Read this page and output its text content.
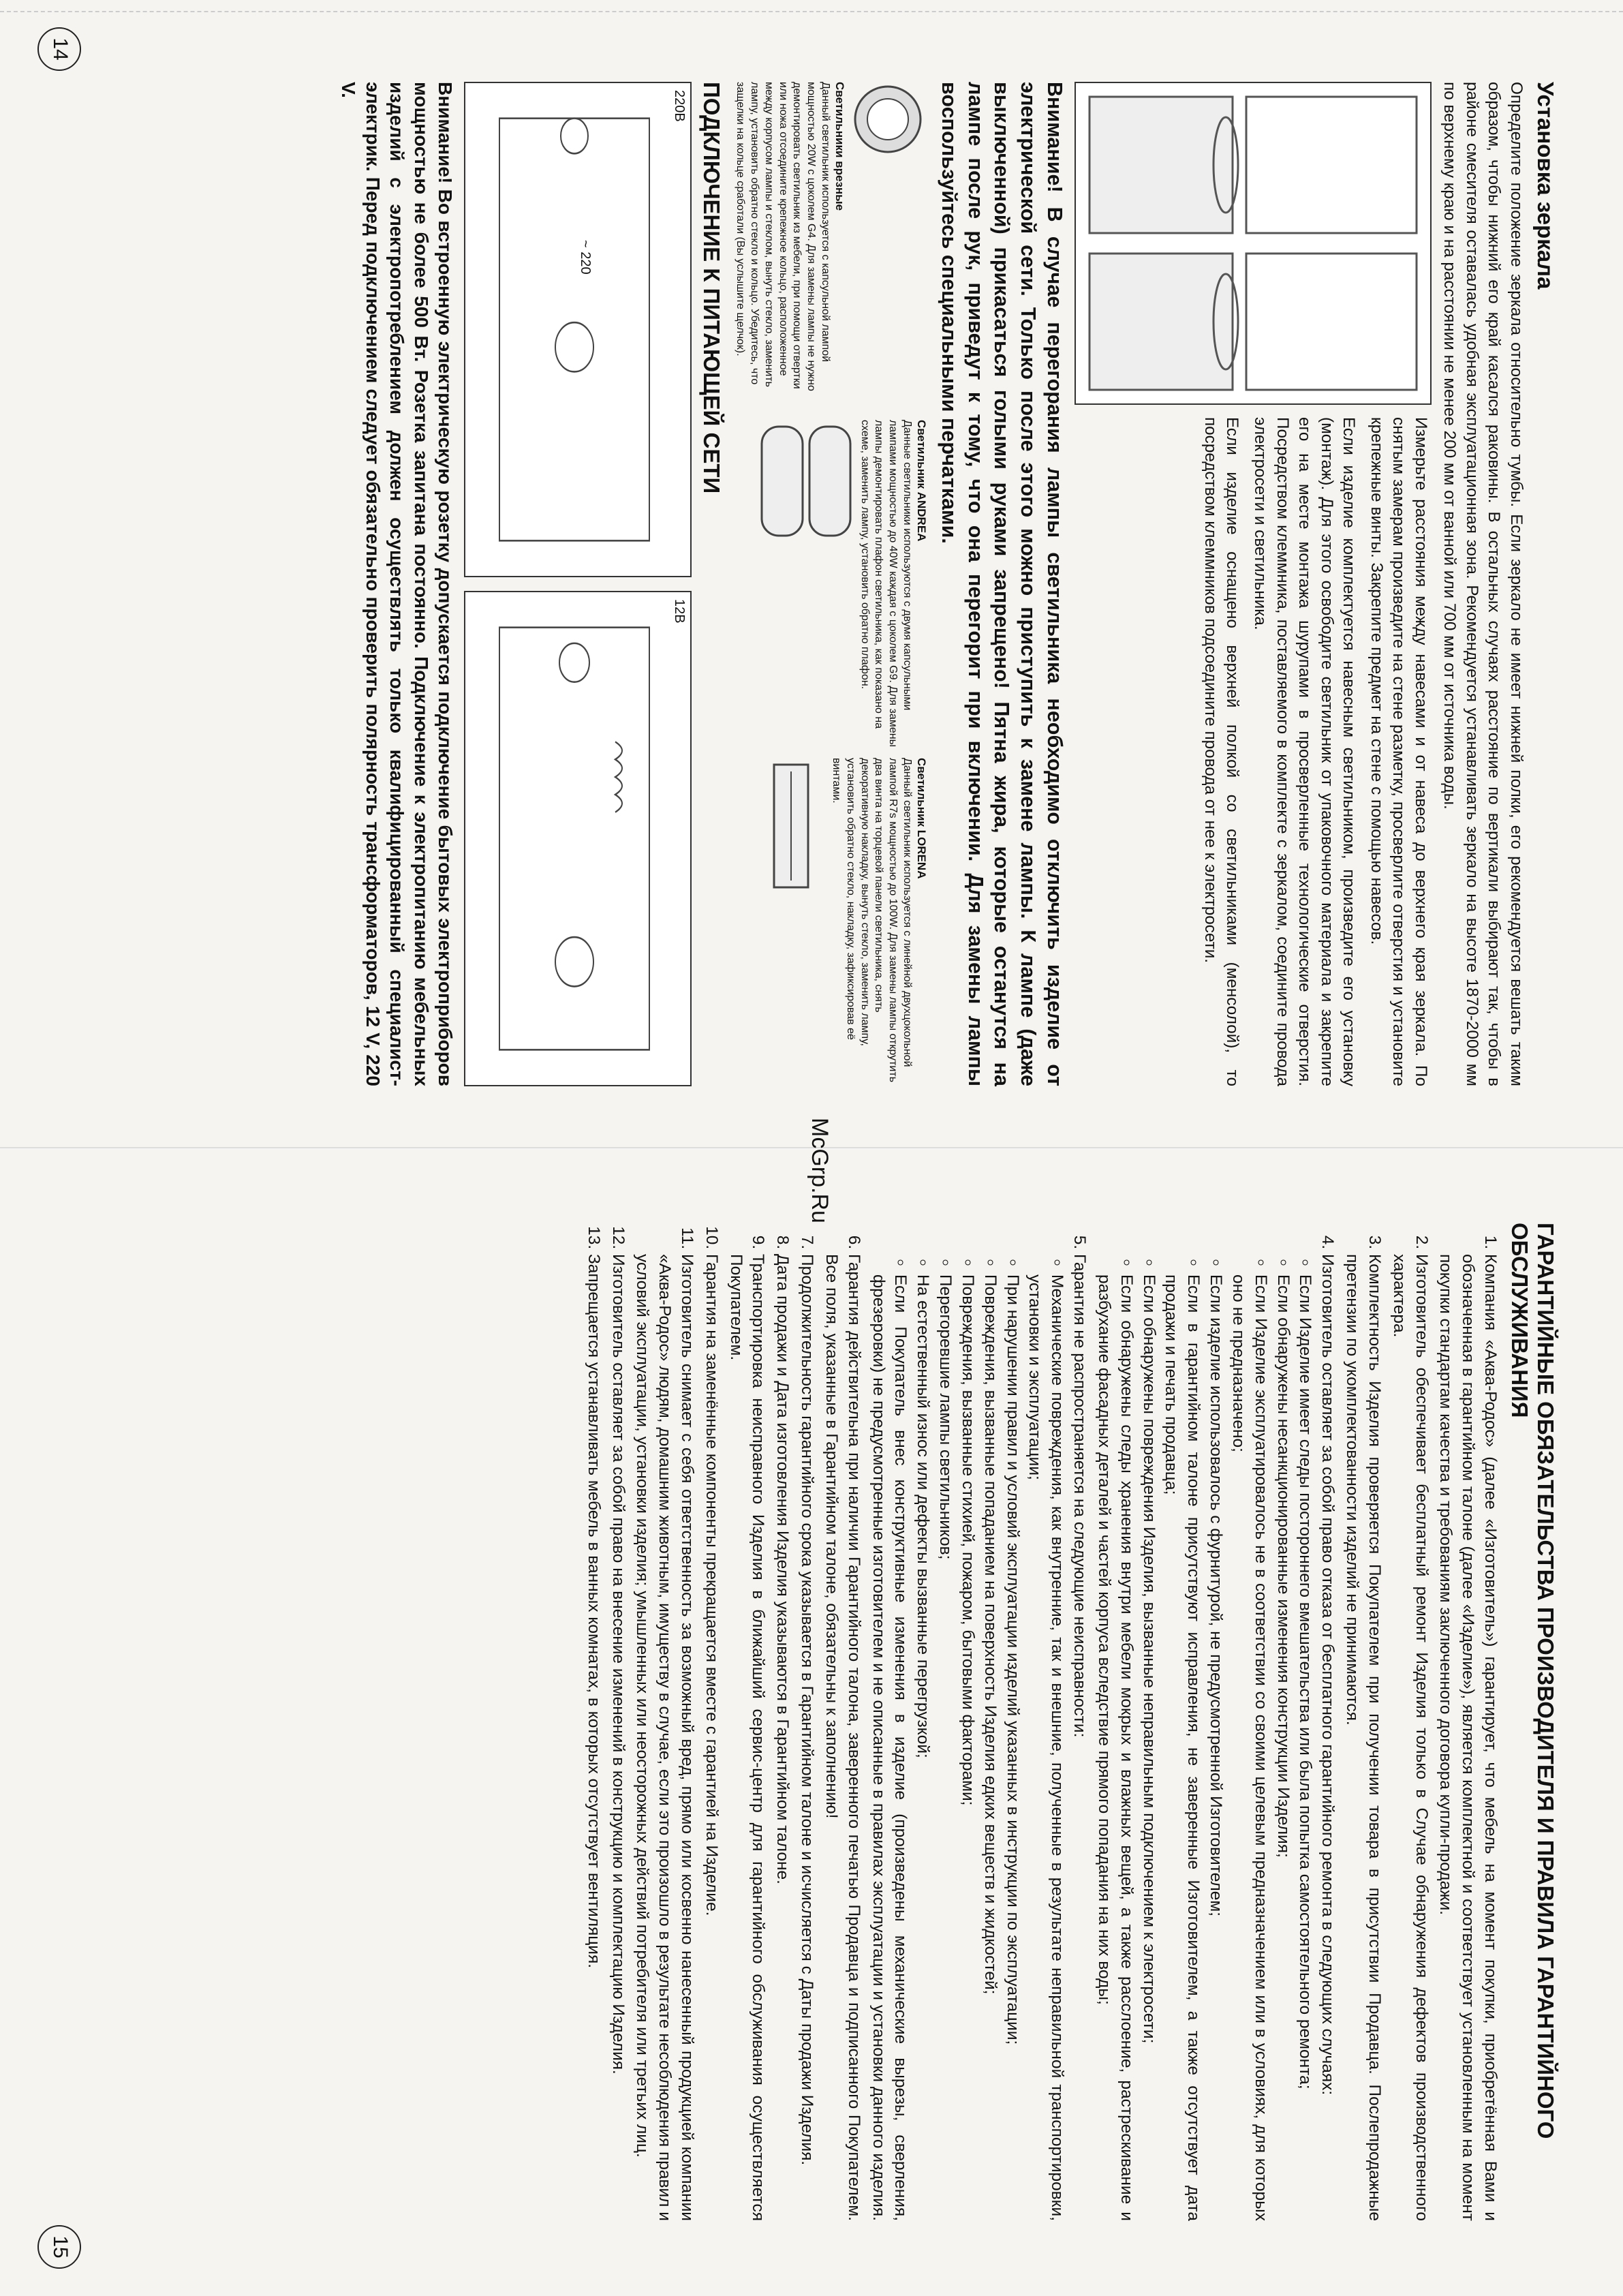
Установка зеркала
Определите положение зеркала относительно тумбы. Если зеркало не имеет нижней полки, его рекомендуется вешать таким образом, чтобы нижний его край касался раковины. В остальных случаях расстояние по вертикали выбирают так, чтобы в районе смесителя оставалась удобная эксплуатационная зона. Рекомендуется устанавливать зеркало на высоте 1870-2000 мм по верхнему краю и на расстоянии не менее 200 мм от ванной или 700 мм от источника воды.

Измерьте расстояния между навесами и от навеса до верхнего края зеркала. По снятым замерам произведите на стене разметку, просверлите отверстия и установите крепежные винты. Закрепите предмет на стене с помощью навесов.

Если изделие комплектуется навесным светильником, произведите его установку (монтаж). Для этого освободите светильник от упаковочного материала и закрепите его на месте монтажа шурупами в просверленные технологические отверстия. Посредством клеммника, поставляемого в комплекте с зеркалом, соедините провода электросети и светильника.

Если изделие оснащено верхней полкой со светильниками (менсолой), то посредством клеммников подсоедините провода от нее к электросети.

Внимание! В случае перегорания лампы светильника необходимо отключить изделие от электрической сети. Только после этого можно приступить к замене лампы. К лампе (даже выключенной) прикасаться голыми руками запрещено! Пятна жира, которые останутся на лампе после рук, приведут к тому, что она перегорит при включении. Для замены лампы воспользуйтесь специальными перчатками.
Светильники врезные
Данный светильник используется с капсульной лампой мощностью 20W с цоколем G4. Для замены лампы не нужно демонтировать светильник из мебели, при помощи отвертки или ножа отсоедините крепежное кольцо, расположенное между корпусом лампы и стеклом, вынуть стекло, заменить лампу, установить обратно стекло и кольцо. Убедитесь, что защелки на кольце сработали (Вы услышите щелчок).
Светильник ANDREA
Данные светильники используются с двумя капсульными лампами мощностью до 40W каждая с цоколем G9. Для замены лампы демонтировать плафон светильника, как показано на схеме, заменить лампу, установить обратно плафон.
Светильник LORENA
Данный светильник используется с линейной двухцокольной лампой R7s мощностью до 100W. Для замены лампы открутить два винта на торцевой панели светильника, снять декоративную накладку, вынуть стекло, заменить лампу, установить обратно стекло, накладку, зафиксировав её винтами.
ПОДКЛЮЧЕНИЕ К ПИТАЮЩЕЙ СЕТИ
220В
~ 220
12В
Внимание! Во встроенную электрическую розетку допускается подключение бытовых электроприборов мощностью не более 500 Вт. Розетка запитана постоянно. Подключение к электропитанию мебельных изделий с электропотреблением должен осуществлять только квалифицированный специалист-электрик. Перед подключением следует обязательно проверить полярность трансформаторов, 12 V, 220 V.
14
McGrp.Ru
ГАРАНТИЙНЫЕ ОБЯЗАТЕЛЬСТВА ПРОИЗВОДИТЕЛЯ И ПРАВИЛА ГАРАНТИЙНОГО ОБСЛУЖИВАНИЯ
1. Компания «Аква-Родос» (далее «Изготовитель») гарантирует, что мебель на момент покупки, приобретённая Вами и обозначенная в гарантийном талоне (далее «Изделие»), является комплектной и соответствует установленным на момент покупки стандартам качества и требованиям заключенного договора купли-продажи.
2. Изготовитель обеспечивает бесплатный ремонт Изделия только в Случае обнаружения дефектов производственного характера.
3. Комплектность Изделия проверяется Покупателем при получении товара в присутствии Продавца. Послепродажные претензии по укомплектованности изделий не принимаются.
4. Изготовитель оставляет за собой право отказа от бесплатного гарантийного ремонта в следующих случаях:
◦ Если Изделие имеет следы постороннего вмешательства или была попытка самостоятельного ремонта;
◦ Если обнаружены несанкционированные изменения конструкции Изделия;
◦ Если Изделие эксплуатировалось не в соответствии со своими целевым предназначением или в условиях, для которых оно не предназначено;
◦ Если изделие использовалось с фурнитурой, не предусмотренной Изготовителем;
◦ Если в гарантийном талоне присутствуют исправления, не заверенные Изготовителем, а также отсутствует дата продажи и печать продавца;
◦ Если обнаружены повреждения Изделия, вызванные неправильным подключением к электросети;
◦ Если обнаружены следы хранения внутри мебели мокрых и влажных вещей, а также расслоение, растрескивание и разбухание фасадных деталей и частей корпуса вследствие прямого попадания на них воды;
5. Гарантия не распространяется на следующие неисправности:
◦ Механические повреждения, как внутренние, так и внешние, полученные в результате неправильной транспортировки, установки и эксплуатации;
◦ При нарушении правил и условий эксплуатации изделий указанных в инструкции по эксплуатации;
◦ Повреждения, вызванные попаданием на поверхность Изделия едких веществ и жидкостей;
◦ Повреждения, вызванные стихией, пожаром, бытовыми факторами;
◦ Перегоревшие лампы светильников;
◦ На естественный износ или дефекты вызванные перегрузкой;
◦ Если Покупатель внес конструктивные изменения в изделие (произведены механические вырезы, сверления, фрезеровки) не предусмотренные изготовителем и не описанные в правилах эксплуатации и установки данного изделия.
6. Гарантия действительна при наличии Гарантийного талона, заверенного печатью Продавца и подписанного Покупателем. Все поля, указанные в Гарантийном талоне, обязательны к заполнению!
7. Продолжительность гарантийного срока указывается в Гарантийном талоне и исчисляется с Даты продажи Изделия.
8. Дата продажи и Дата изготовления Изделия указываются в Гарантийном талоне.
9. Транспортировка неисправного Изделия в ближайший сервис-центр для гарантийного обслуживания осуществляется Покупателем.
10. Гарантия на заменённые компоненты прекращается вместе с гарантией на Изделие.
11. Изготовитель снимает с себя ответственность за возможный вред, прямо или косвенно нанесенный продукцией компании «Аква-Родос» людям, домашним животным, имуществу в случае, если это произошло в результате несоблюдения правил и условий эксплуатации, установки изделия; умышленных или неосторожных действий потребителя или третьих лиц.
12. Изготовитель оставляет за собой право на внесение изменений в конструкцию и комплектацию Изделия.
13. Запрещается устанавливать мебель в ванных комнатах, в которых отсутствует вентиляция.
15
